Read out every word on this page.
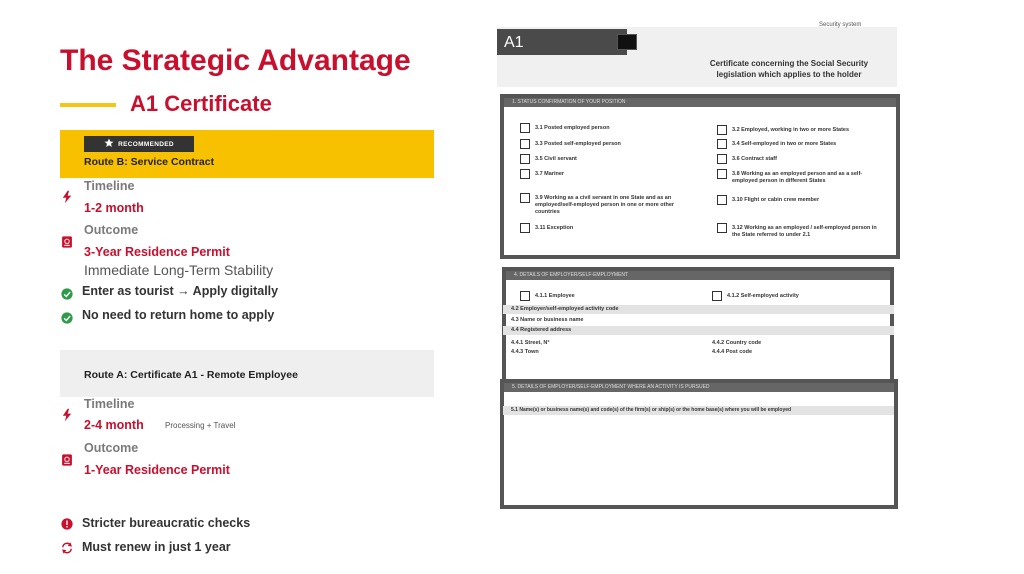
The Strategic Advantage
A1 Certificate
RECOMMENDED
Route B: Service Contract
Timeline
1-2 month
Outcome
3-Year Residence Permit
Immediate Long-Term Stability
Enter as tourist → Apply digitally
No need to return home to apply
Route A: Certificate A1 - Remote Employee
Timeline
2-4 month	Processing + Travel
Outcome
1-Year Residence Permit
Stricter bureaucratic checks
Must renew in just 1 year
Security system
A1
Certificate concerning the Social Security legislation which applies to the holder
1. STATUS CONFIRMATION OF YOUR POSITION
3.1 Posted employed person
3.3 Posted self-employed person
3.5 Civil servant
3.7 Mariner
3.9 Working as a civil servant in one State and as an employed/self-employed person in one or more other countries
3.11 Exception
3.2 Employed, working in two or more States
3.4 Self-employed in two or more States
3.6 Contract staff
3.8 Working as an employed person and as a self-employed person in different States
3.10 Flight or cabin crew member
3.12 Working as an employed / self-employed person in the State referred to under 2.1
4. DETAILS OF EMPLOYER/SELF-EMPLOYMENT
4.1.1 Employee	4.1.2 Self-employed activity
4.2 Employer/self-employed activity code
4.3 Name or business name
4.4 Registered address
4.4.1 Street, N°
4.4.3 Town
4.4.2 Country code
4.4.4 Post code
5. DETAILS OF EMPLOYER/SELF-EMPLOYMENT WHERE AN ACTIVITY IS PURSUED
5.1 Name(s) or business name(s) and code(s) of the firm(s) or ship(s) or the home base(s) where you will be employed
